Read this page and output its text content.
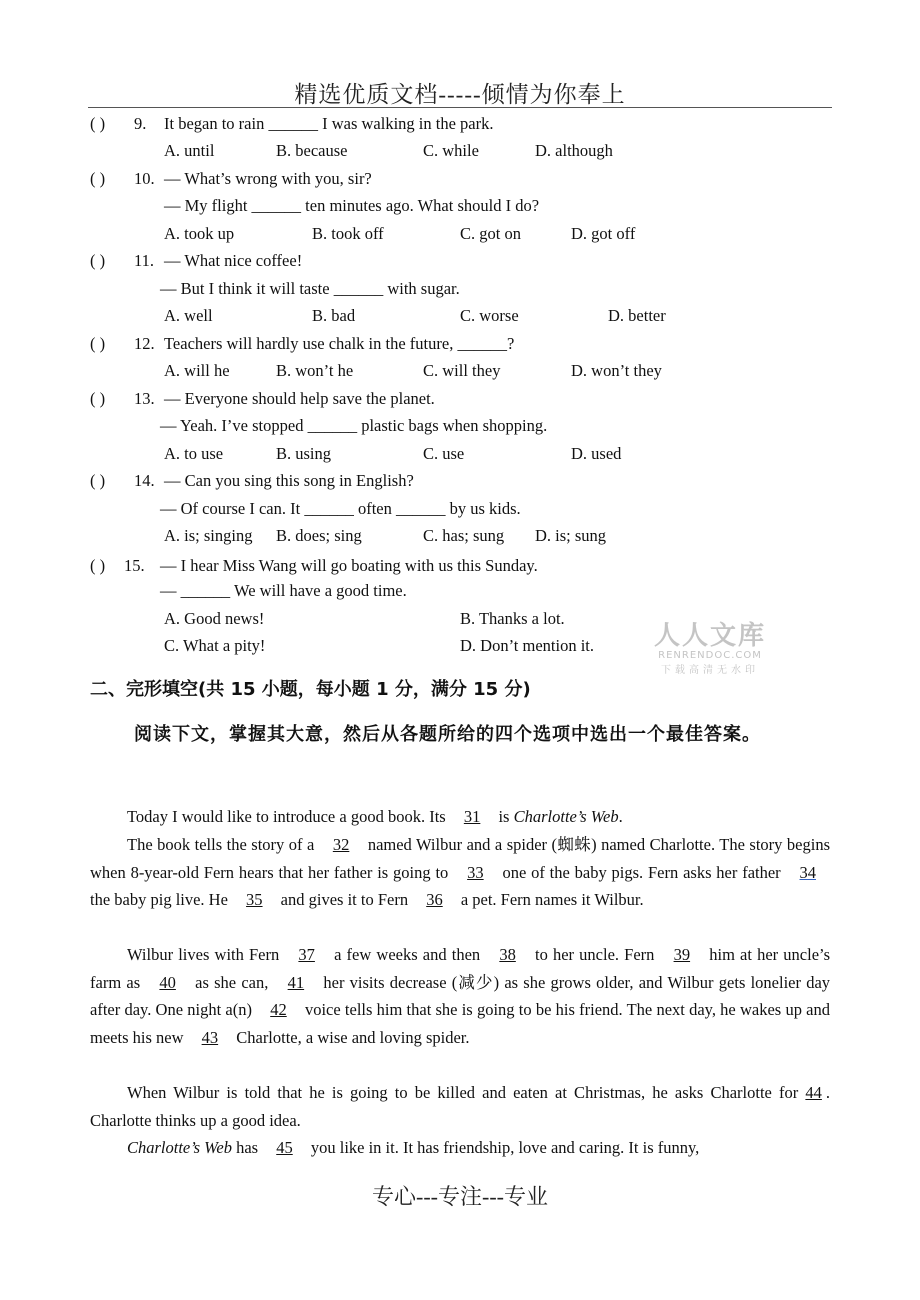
精选优质文档-----倾情为你奉上
( ) 9. It began to rain ______ I was walking in the park.
A. until	B. because	C. while	D. although
( ) 10. — What’s wrong with you, sir?
— My flight ______ ten minutes ago. What should I do?
A. took up	B. took off	C. got on	D. got off
( ) 11. — What nice coffee!
— But I think it will taste ______ with sugar.
A. well	B. bad	C. worse	D. better
( ) 12. Teachers will hardly use chalk in the future, ______?
A. will he	B. won’t he	C. will they	D. won’t they
( ) 13. — Everyone should help save the planet.
— Yeah. I’ve stopped ______ plastic bags when shopping.
A. to use	B. using	C. use	D. used
( ) 14. — Can you sing this song in English?
— Of course I can. It ______ often ______ by us kids.
A. is; singing B. does; sing	C. has; sung D. is; sung
( ) 15. — I hear Miss Wang will go boating with us this Sunday.
— ______ We will have a good time.
A. Good news!	B. Thanks a lot.
C. What a pity!	D. Don’t mention it.	人人文库
RENRENDOC.COM
下载高清无水印
二、完形填空(共 15 小题，每小题 1 分，满分 15 分)
阅读下文，掌握其大意，然后从各题所给的四个选项中选出一个最佳答案。
Today I would like to introduce a good book. Its 31 is Charlotte’s Web.
The book tells the story of a 32 named Wilbur and a spider (蜘蛛) named Charlotte. The story begins when 8-year-old Fern hears that her father is going to 33 one of the baby pigs. Fern asks her father 34 the baby pig live. He 35 and gives it to Fern 36 a pet. Fern names it Wilbur.
Wilbur lives with Fern 37 a few weeks and then 38 to her uncle. Fern 39 him at her uncle’s farm as 40 as she can, 41 her visits decrease (减少) as she grows older, and Wilbur gets lonelier day after day. One night a(n) 42 voice tells him that she is going to be his friend. The next day, he wakes up and meets his new 43 Charlotte, a wise and loving spider.
When Wilbur is told that he is going to be killed and eaten at Christmas, he asks Charlotte for 44 . Charlotte thinks up a good idea.
Charlotte’s Web has 45 you like in it. It has friendship, love and caring. It is funny,
专心---专注---专业
